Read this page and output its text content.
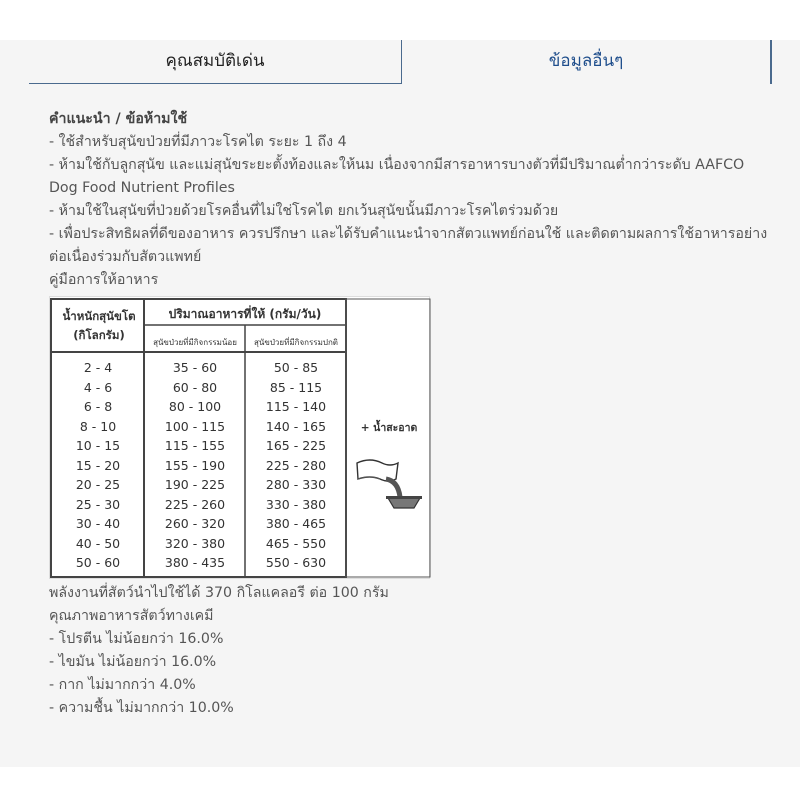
คุณสมบัติเด่น	ข้อมูลอื่นๆ

คำแนะนำ / ข้อห้ามใช้

- ใช้สำหรับสุนัขป่วยที่มีภาวะโรคไต ระยะ 1 ถึง 4

- ห้ามใช้กับลูกสุนัข และแม่สุนัขระยะตั้งท้องและให้นม เนื่องจากมีสารอาหารบางตัวที่มีปริมาณต่ำกว่าระดับ AAFCO Dog Food Nutrient Profiles

- ห้ามใช้ในสุนัขที่ป่วยด้วยโรคอื่นที่ไม่ใช่โรคไต ยกเว้นสุนัขนั้นมีภาวะโรคไตร่วมด้วย

- เพื่อประสิทธิผลที่ดีของอาหาร ควรปรึกษา และได้รับคำแนะนำจากสัตวแพทย์ก่อนใช้ และติดตามผลการใช้อาหารอย่างต่อเนื่องร่วมกับสัตวแพทย์

คู่มือการให้อาหาร

น้ำหนักสุนัขโต
(กิโลกรัม)
ปริมาณอาหารที่ให้ (กรัม/วัน)
สุนัขป่วยที่มีกิจกรรมน้อย	สุนัขป่วยที่มีกิจกรรมปกติ
2 - 4
4 - 6
6 - 8
8 - 10
10 - 15
15 - 20
20 - 25
25 - 30
30 - 40
40 - 50
50 - 60
35 - 60
60 - 80
80 - 100
100 - 115
115 - 155
155 - 190
190 - 225
225 - 260
260 - 320
320 - 380
380 - 435
50 - 85
85 - 115
115 - 140
140 - 165
165 - 225
225 - 280
280 - 330
330 - 380
380 - 465
465 - 550
550 - 630
+ น้ำสะอาด

พลังงานที่สัตว์นำไปใช้ได้ 370 กิโลแคลอรี ต่อ 100 กรัม

คุณภาพอาหารสัตว์ทางเคมี

- โปรตีน ไม่น้อยกว่า 16.0%

- ไขมัน ไม่น้อยกว่า 16.0%

- กาก ไม่มากกว่า 4.0%

- ความชื้น ไม่มากกว่า 10.0%
